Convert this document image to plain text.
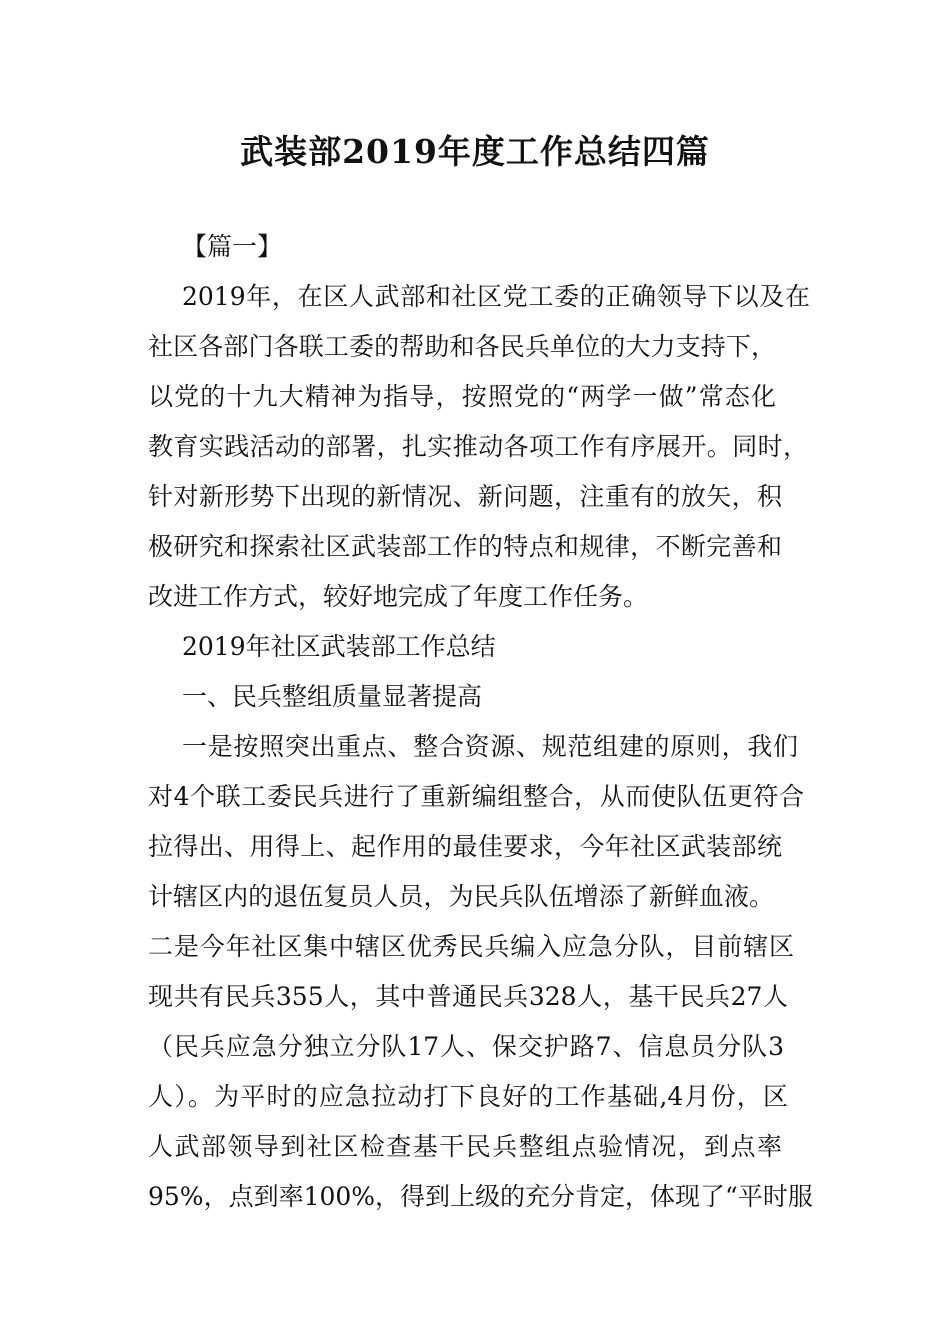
武装部2019年度工作总结四篇
【篇一】
2019年，在区人武部和社区党工委的正确领导下以及在
社区各部门各联工委的帮助和各民兵单位的大力支持下，
以党的十九大精神为指导，按照党的“两学一做”常态化
教育实践活动的部署，扎实推动各项工作有序展开。同时，
针对新形势下出现的新情况、新问题，注重有的放矢，积
极研究和探索社区武装部工作的特点和规律，不断完善和
改进工作方式，较好地完成了年度工作任务。
2019年社区武装部工作总结
一、民兵整组质量显著提高
一是按照突出重点、整合资源、规范组建的原则，我们
对4个联工委民兵进行了重新编组整合，从而使队伍更符合
拉得出、用得上、起作用的最佳要求，今年社区武装部统
计辖区内的退伍复员人员，为民兵队伍增添了新鲜血液。
二是今年社区集中辖区优秀民兵编入应急分队，目前辖区
现共有民兵355人，其中普通民兵328人，基干民兵27人
（民兵应急分独立分队17人、保交护路7、信息员分队3
人）。为平时的应急拉动打下良好的工作基础,4月份，区
人武部领导到社区检查基干民兵整组点验情况，到点率
95%，点到率100%，得到上级的充分肯定，体现了“平时服
